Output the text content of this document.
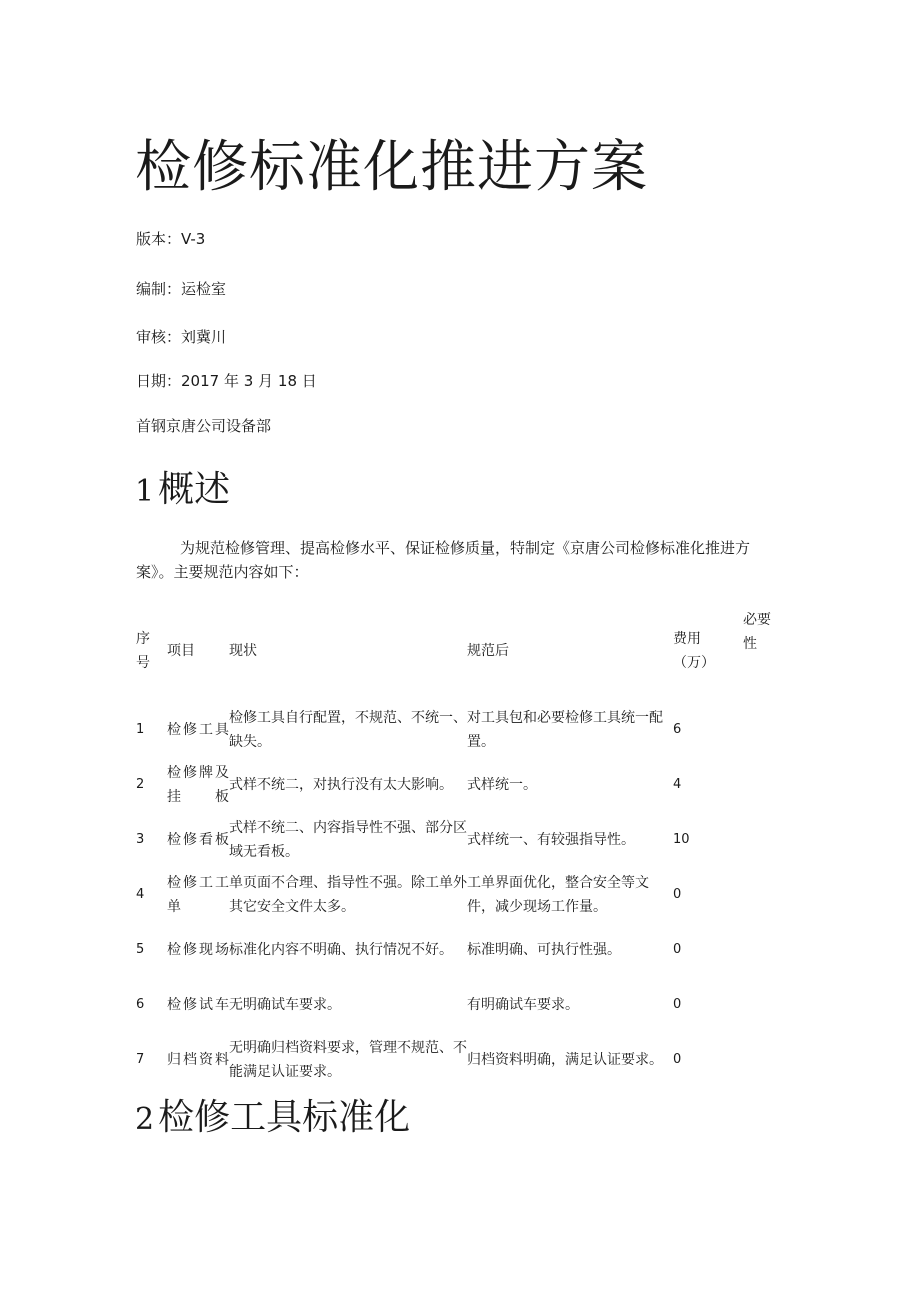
检修标准化推进方案
版本：V-3
编制：运检室
审核：刘冀川
日期：2017 年 3 月 18 日
首钢京唐公司设备部
1 概述
为规范检修管理、提高检修水平、保证检修质量，特制定《京唐公司检修标准化推进方案》。主要规范内容如下：
序号	项目	现状	规范后	费用（万）	必要性

1	检修工具	检修工具自行配置，不规范、不统一、缺失。	对工具包和必要检修工具统一配置。	6	
2	检修牌及挂板	式样不统二，对执行没有太大影响。	式样统一。	4	
3	检修看板	式样不统二、内容指导性不强、部分区域无看板。	式样统一、有较强指导性。	10	
4	检修工工单	单页面不合理、指导性不强。除工单外其它安全文件太多。	工单界面优化，整合安全等文件，减少现场工作量。	0	
5	检修现场	标准化内容不明确、执行情况不好。	标准明确、可执行性强。	0	
6	检修试车	无明确试车要求。	有明确试车要求。	0	
7	归档资料	无明确归档资料要求，管理不规范、不能满足认证要求。	归档资料明确，满足认证要求。	0	
2 检修工具标准化
